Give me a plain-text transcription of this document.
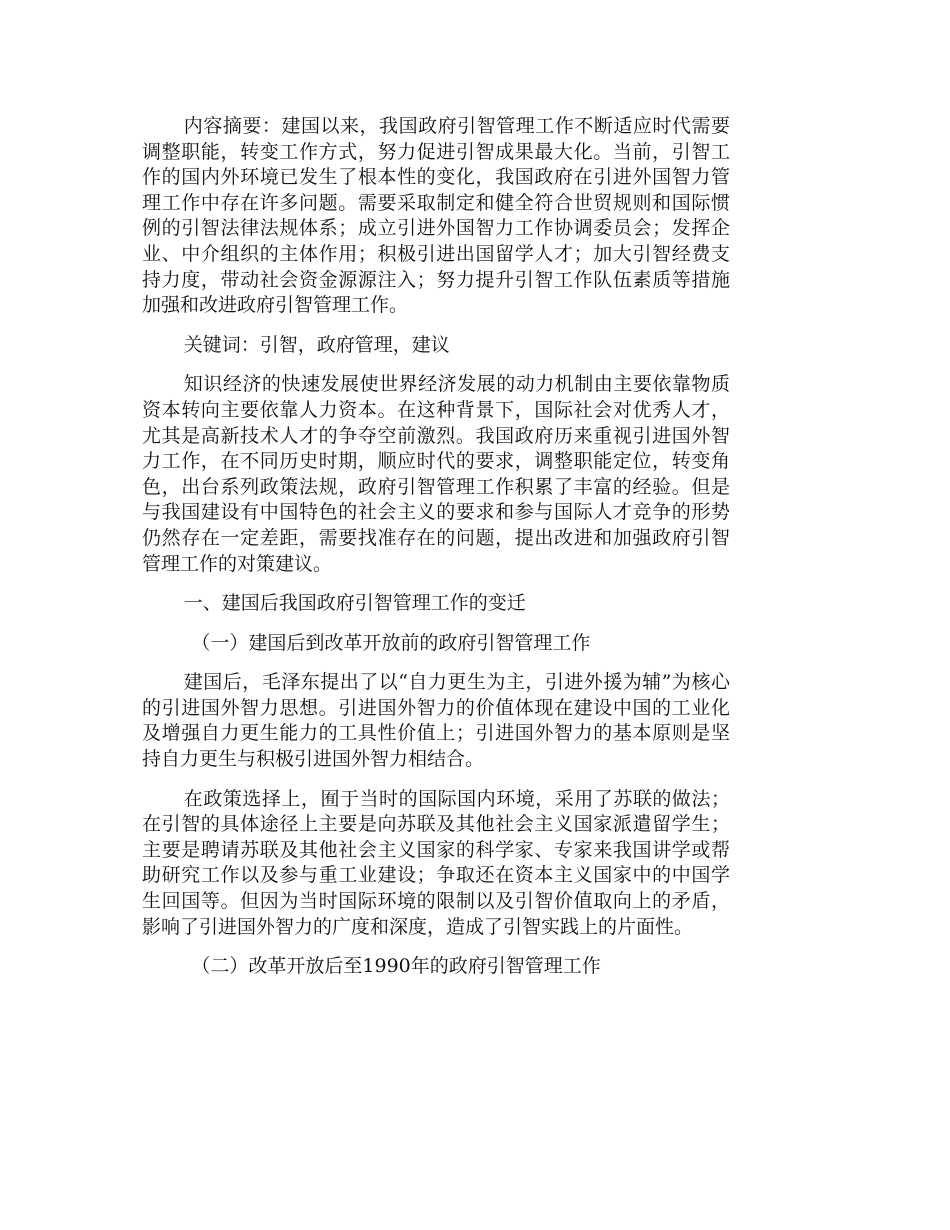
内容摘要：建国以来，我国政府引智管理工作不断适应时代需要调整职能，转变工作方式，努力促进引智成果最大化。当前，引智工作的国内外环境已发生了根本性的变化，我国政府在引进外国智力管理工作中存在许多问题。需要采取制定和健全符合世贸规则和国际惯例的引智法律法规体系；成立引进外国智力工作协调委员会；发挥企业、中介组织的主体作用；积极引进出国留学人才；加大引智经费支持力度，带动社会资金源源注入；努力提升引智工作队伍素质等措施加强和改进政府引智管理工作。

关键词：引智，政府管理，建议

知识经济的快速发展使世界经济发展的动力机制由主要依靠物质资本转向主要依靠人力资本。在这种背景下，国际社会对优秀人才，尤其是高新技术人才的争夺空前激烈。我国政府历来重视引进国外智力工作，在不同历史时期，顺应时代的要求，调整职能定位，转变角色，出台系列政策法规，政府引智管理工作积累了丰富的经验。但是与我国建设有中国特色的社会主义的要求和参与国际人才竞争的形势仍然存在一定差距，需要找准存在的问题，提出改进和加强政府引智管理工作的对策建议。

一、建国后我国政府引智管理工作的变迁

（一）建国后到改革开放前的政府引智管理工作

建国后，毛泽东提出了以“自力更生为主，引进外援为辅”为核心的引进国外智力思想。引进国外智力的价值体现在建设中国的工业化及增强自力更生能力的工具性价值上；引进国外智力的基本原则是坚持自力更生与积极引进国外智力相结合。

在政策选择上，囿于当时的国际国内环境，采用了苏联的做法；在引智的具体途径上主要是向苏联及其他社会主义国家派遣留学生；主要是聘请苏联及其他社会主义国家的科学家、专家来我国讲学或帮助研究工作以及参与重工业建设；争取还在资本主义国家中的中国学生回国等。但因为当时国际环境的限制以及引智价值取向上的矛盾，影响了引进国外智力的广度和深度，造成了引智实践上的片面性。

（二）改革开放后至1990年的政府引智管理工作
